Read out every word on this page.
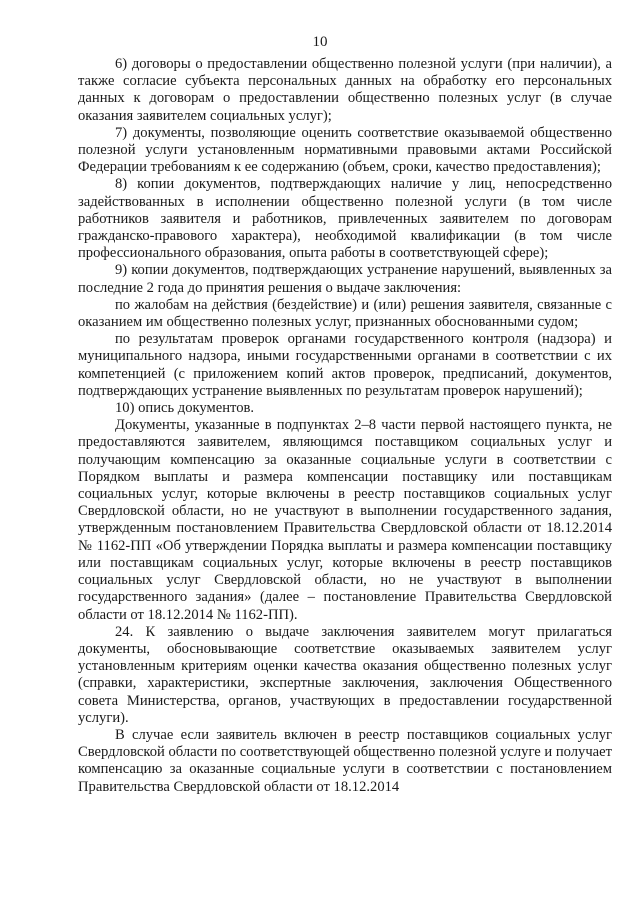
10

6) договоры о предоставлении общественно полезной услуги (при наличии), а также согласие субъекта персональных данных на обработку его персональных данных к договорам о предоставлении общественно полезных услуг (в случае оказания заявителем социальных услуг);

7) документы, позволяющие оценить соответствие оказываемой общественно полезной услуги установленным нормативными правовыми актами Российской Федерации требованиям к ее содержанию (объем, сроки, качество предоставления);

8) копии документов, подтверждающих наличие у лиц, непосредственно задействованных в исполнении общественно полезной услуги (в том числе работников заявителя и работников, привлеченных заявителем по договорам гражданско-правового характера), необходимой квалификации (в том числе профессионального образования, опыта работы в соответствующей сфере);

9) копии документов, подтверждающих устранение нарушений, выявленных за последние 2 года до принятия решения о выдаче заключения:

по жалобам на действия (бездействие) и (или) решения заявителя, связанные с оказанием им общественно полезных услуг, признанных обоснованными судом;

по результатам проверок органами государственного контроля (надзора) и муниципального надзора, иными государственными органами в соответствии с их компетенцией (с приложением копий актов проверок, предписаний, документов, подтверждающих устранение выявленных по результатам проверок нарушений);

10) опись документов.

Документы, указанные в подпунктах 2–8 части первой настоящего пункта, не предоставляются заявителем, являющимся поставщиком социальных услуг и получающим компенсацию за оказанные социальные услуги в соответствии с Порядком выплаты и размера компенсации поставщику или поставщикам социальных услуг, которые включены в реестр поставщиков социальных услуг Свердловской области, но не участвуют в выполнении государственного задания, утвержденным постановлением Правительства Свердловской области от 18.12.2014 № 1162-ПП «Об утверждении Порядка выплаты и размера компенсации поставщику или поставщикам социальных услуг, которые включены в реестр поставщиков социальных услуг Свердловской области, но не участвуют в выполнении государственного задания» (далее – постановление Правительства Свердловской области от 18.12.2014 № 1162-ПП).

24. К заявлению о выдаче заключения заявителем могут прилагаться документы, обосновывающие соответствие оказываемых заявителем услуг установленным критериям оценки качества оказания общественно полезных услуг (справки, характеристики, экспертные заключения, заключения Общественного совета Министерства, органов, участвующих в предоставлении государственной услуги).

В случае если заявитель включен в реестр поставщиков социальных услуг Свердловской области по соответствующей общественно полезной услуге и получает компенсацию за оказанные социальные услуги в соответствии с постановлением Правительства Свердловской области от 18.12.2014
